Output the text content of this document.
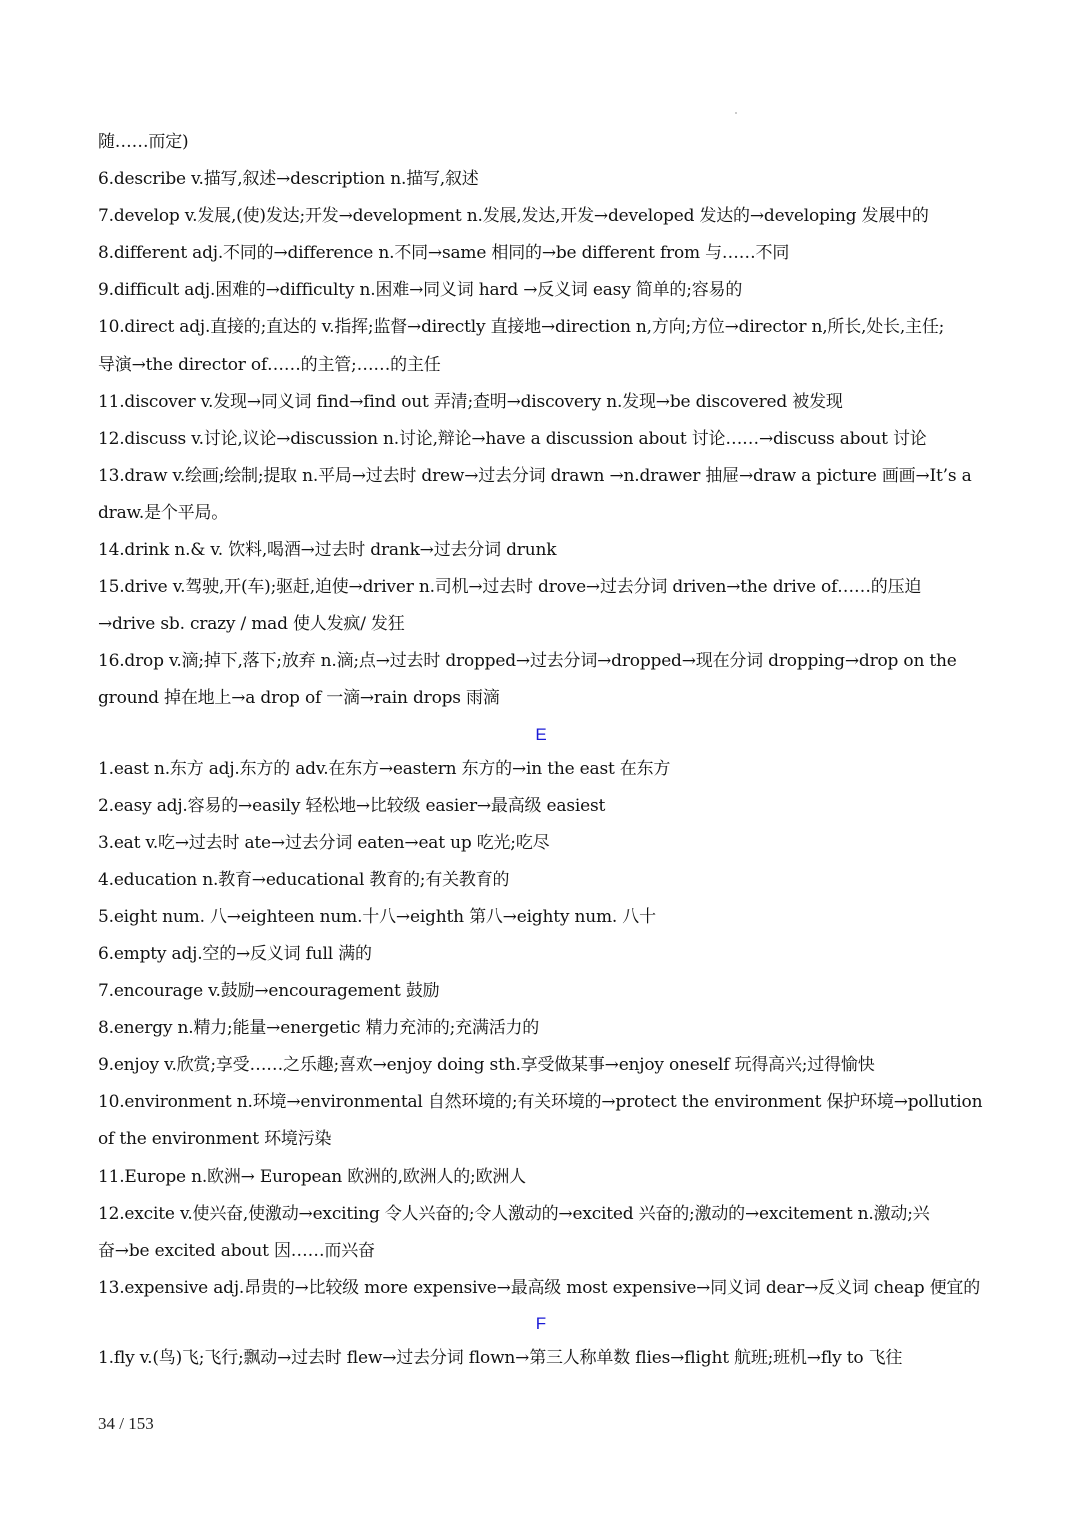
随……而定)
6.describe v.描写,叙述→description n.描写,叙述
7.develop v.发展,(使)发达;开发→development n.发展,发达,开发→developed 发达的→developing 发展中的
8.different adj.不同的→difference n.不同→same 相同的→be different from 与……不同
9.difficult adj.困难的→difficulty n.困难→同义词 hard →反义词 easy 简单的;容易的
10.direct adj.直接的;直达的 v.指挥;监督→directly 直接地→direction n,方向;方位→director n,所长,处长,主任;
导演→the director of……的主管;……的主任
11.discover v.发现→同义词 find→find out 弄清;查明→discovery n.发现→be discovered 被发现
12.discuss v.讨论,议论→discussion n.讨论,辩论→have a discussion about 讨论……→discuss about 讨论
13.draw v.绘画;绘制;提取 n.平局→过去时 drew→过去分词 drawn →n.drawer 抽屉→draw a picture 画画→It’s a
draw.是个平局。
14.drink n.& v. 饮料,喝酒→过去时 drank→过去分词 drunk
15.drive v.驾驶,开(车);驱赶,迫使→driver n.司机→过去时 drove→过去分词 driven→the drive of……的压迫
→drive sb. crazy / mad 使人发疯/ 发狂
16.drop v.滴;掉下,落下;放弃 n.滴;点→过去时 dropped→过去分词→dropped→现在分词 dropping→drop on the
ground 掉在地上→a drop of 一滴→rain drops 雨滴
E
1.east n.东方 adj.东方的 adv.在东方→eastern 东方的→in the east 在东方
2.easy adj.容易的→easily 轻松地→比较级 easier→最高级 easiest
3.eat v.吃→过去时 ate→过去分词 eaten→eat up 吃光;吃尽
4.education n.教育→educational 教育的;有关教育的
5.eight num. 八→eighteen num.十八→eighth 第八→eighty num. 八十
6.empty adj.空的→反义词 full 满的
7.encourage v.鼓励→encouragement 鼓励
8.energy n.精力;能量→energetic 精力充沛的;充满活力的
9.enjoy v.欣赏;享受……之乐趣;喜欢→enjoy doing sth.享受做某事→enjoy oneself 玩得高兴;过得愉快
10.environment n.环境→environmental 自然环境的;有关环境的→protect the environment 保护环境→pollution
of the environment 环境污染
11.Europe n.欧洲→ European 欧洲的,欧洲人的;欧洲人
12.excite v.使兴奋,使激动→exciting 令人兴奋的;令人激动的→excited 兴奋的;激动的→excitement n.激动;兴
奋→be excited about 因……而兴奋
13.expensive adj.昂贵的→比较级 more expensive→最高级 most expensive→同义词 dear→反义词 cheap 便宜的
F
1.fly v.(鸟)飞;飞行;飘动→过去时 flew→过去分词 flown→第三人称单数 flies→flight 航班;班机→fly to 飞往
34 / 153
